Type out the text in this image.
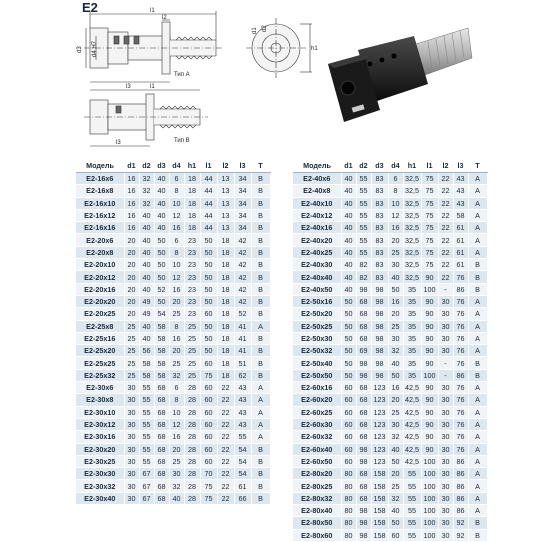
E2	l1
l2
d3 d4 H7
l3
Тип A
d1 d2
h1
l1
l3	Тип B
Модель	d1	d2	d3	d4	h1	l1	l2	l3	T
E2-16x6	16	32	40	6	18	44	13	34	B
E2-16x8	16	32	40	8	18	44	13	34	B
E2-16x10	16	32	40	10	18	44	13	34	B
E2-16x12	16	40	40	12	18	44	13	34	B
E2-16x16	16	40	40	16	18	44	13	34	B
E2-20x6	20	40	50	6	23	50	18	42	B
E2-20x8	20	40	50	8	23	50	18	42	B
E2-20x10	20	40	50	10	23	50	18	42	B
E2-20x12	20	40	50	12	23	50	18	42	B
E2-20x16	20	40	52	16	23	50	18	42	B
E2-20x20	20	49	50	20	23	50	18	42	B
E2-20x25	20	49	54	25	23	60	18	52	B
E2-25x8	25	40	58	8	25	50	18	41	A
E2-25x16	25	40	58	16	25	50	18	41	B
E2-25x20	25	56	58	20	25	50	18	41	B
E2-25x25	25	58	58	25	25	60	18	51	B
E2-25x32	25	58	58	32	25	75	18	62	B
E2-30x6	30	55	68	6	28	60	22	43	A
E2-30x8	30	55	68	8	28	60	22	43	A
E2-30x10	30	55	68	10	28	60	22	43	A
E2-30x12	30	55	68	12	28	60	22	43	A
E2-30x16	30	55	68	16	28	60	22	55	A
E2-30x20	30	55	68	20	28	60	22	54	B
E2-30x25	30	55	68	25	28	60	22	54	B
E2-30x30	30	67	68	30	28	70	22	54	B
E2-30x32	30	67	68	32	28	75	22	61	B
E2-30x40	30	67	68	40	28	75	22	66	B
Модель	d1	d2	d3	d4	h1	l1	l2	l3	T
E2-40x6	40	55	83	6	32,5	75	22	43	A
E2-40x8	40	55	83	8	32,5	75	22	43	A
E2-40x10	40	55	83	10	32,5	75	22	43	A
E2-40x12	40	55	83	12	32,5	75	22	58	A
E2-40x16	40	55	83	16	32,5	75	22	61	A
E2-40x20	40	55	83	20	32,5	75	22	61	A
E2-40x25	40	55	83	25	32,5	75	22	61	A
E2-40x30	40	82	83	30	32,5	75	22	61	B
E2-40x40	40	82	83	40	32,5	90	22	76	B
E2-40x50	40	98	98	50	35	100	-	86	B
E2-50x16	50	68	98	16	35	90	30	76	A
E2-50x20	50	68	98	20	35	90	30	76	A
E2-50x25	50	68	98	25	35	90	30	76	A
E2-50x30	50	68	98	30	35	90	30	76	A
E2-50x32	50	69	98	32	35	90	30	76	A
E2-50x40	50	98	98	40	35	90	-	76	B
E2-50x50	50	98	98	50	35	100	-	86	B
E2-60x16	60	68	123	16	42,5	90	30	76	A
E2-60x20	60	68	123	20	42,5	90	30	76	A
E2-60x25	60	68	123	25	42,5	90	30	76	A
E2-60x30	60	68	123	30	42,5	90	30	76	A
E2-60x32	60	68	123	32	42,5	90	30	76	A
E2-60x40	60	98	123	40	42,5	90	30	76	A
E2-60x50	60	98	123	50	42,5	100	30	86	A
E2-80x20	80	68	158	20	55	100	30	86	A
E2-80x25	80	68	158	25	55	100	30	86	A
E2-80x32	80	68	158	32	55	100	30	86	A
E2-80x40	80	98	158	40	55	100	30	86	A
E2-80x50	80	98	158	50	55	100	30	92	B
E2-80x60	80	98	158	60	55	100	30	92	B
